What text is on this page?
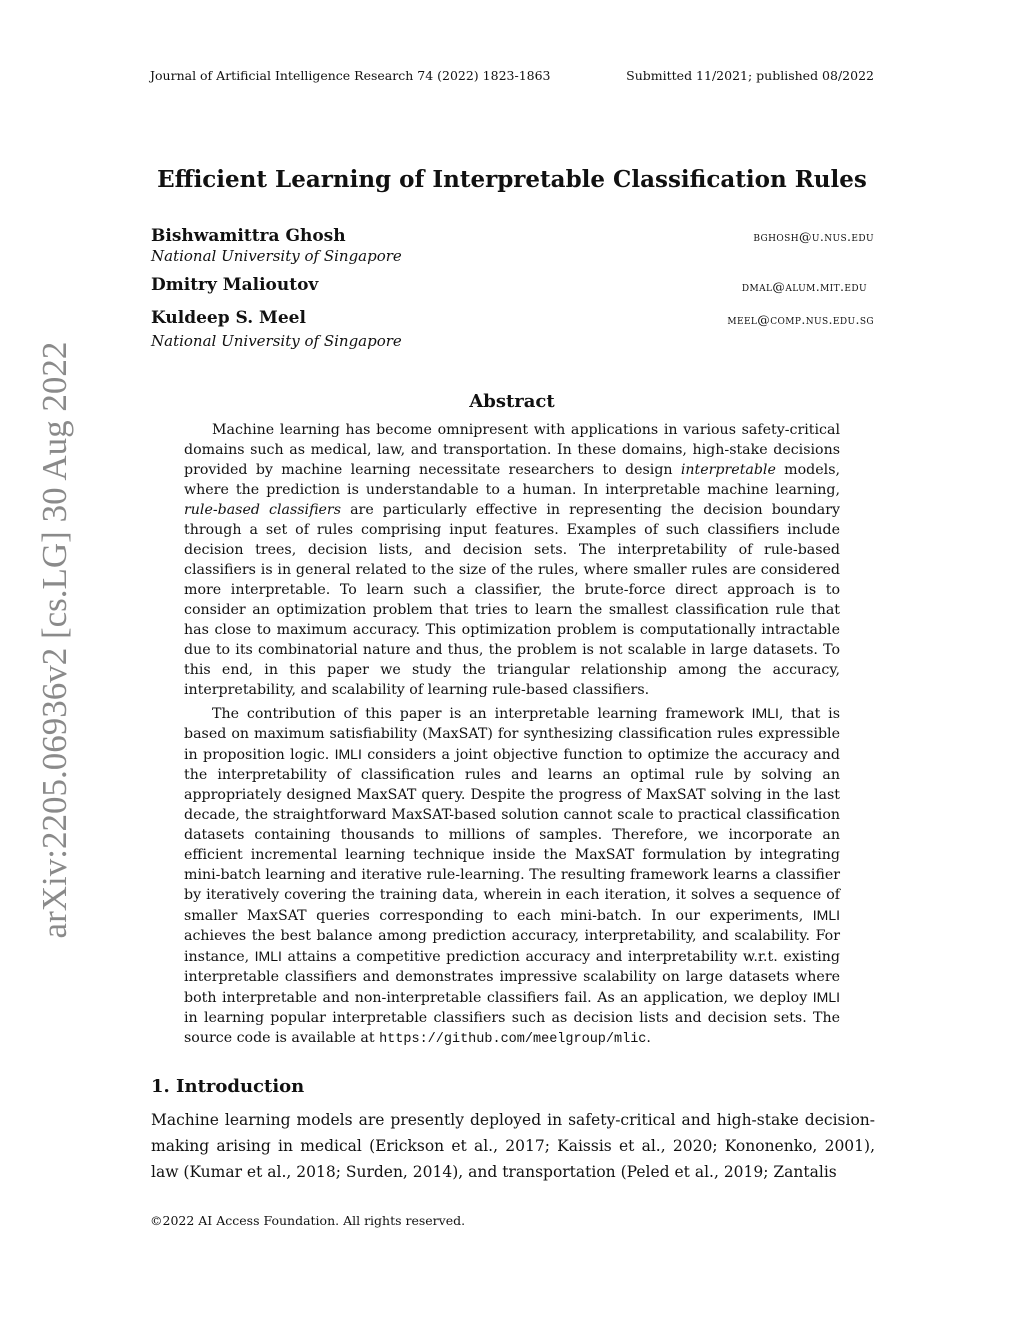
Journal of Artificial Intelligence Research 74 (2022) 1823-1863	Submitted 11/2021; published 08/2022
arXiv:2205.06936v2 [cs.LG] 30 Aug 2022
Efficient Learning of Interpretable Classification Rules
Bishwamittra Ghosh	bghosh@u.nus.edu
National University of Singapore
Dmitry Malioutov	dmal@alum.mit.edu
Kuldeep S. Meel	meel@comp.nus.edu.sg
National University of Singapore
Abstract

Machine learning has become omnipresent with applications in various safety-critical domains such as medical, law, and transportation. In these domains, high-stake decisions provided by machine learning necessitate researchers to design interpretable models, where the prediction is understandable to a human. In interpretable machine learning, rule-based classifiers are particularly effective in representing the decision boundary through a set of rules comprising input features. Examples of such classifiers include decision trees, decision lists, and decision sets. The interpretability of rule-based classifiers is in general related to the size of the rules, where smaller rules are considered more interpretable. To learn such a classifier, the brute-force direct approach is to consider an optimization problem that tries to learn the smallest classification rule that has close to maximum accuracy. This optimization problem is computationally intractable due to its combinatorial nature and thus, the problem is not scalable in large datasets. To this end, in this paper we study the triangular relationship among the accuracy, interpretability, and scalability of learning rule-based classifiers.

The contribution of this paper is an interpretable learning framework IMLI, that is based on maximum satisfiability (MaxSAT) for synthesizing classification rules expressible in proposition logic. IMLI considers a joint objective function to optimize the accuracy and the interpretability of classification rules and learns an optimal rule by solving an appropriately designed MaxSAT query. Despite the progress of MaxSAT solving in the last decade, the straightforward MaxSAT-based solution cannot scale to practical classification datasets containing thousands to millions of samples. Therefore, we incorporate an efficient incremental learning technique inside the MaxSAT formulation by integrating mini-batch learning and iterative rule-learning. The resulting framework learns a classifier by iteratively covering the training data, wherein in each iteration, it solves a sequence of smaller MaxSAT queries corresponding to each mini-batch. In our experiments, IMLI achieves the best balance among prediction accuracy, interpretability, and scalability. For instance, IMLI attains a competitive prediction accuracy and interpretability w.r.t. existing interpretable classifiers and demonstrates impressive scalability on large datasets where both interpretable and non-interpretable classifiers fail. As an application, we deploy IMLI in learning popular interpretable classifiers such as decision lists and decision sets. The source code is available at https://github.com/meelgroup/mlic.

1. Introduction

Machine learning models are presently deployed in safety-critical and high-stake decision-making arising in medical (Erickson et al., 2017; Kaissis et al., 2020; Kononenko, 2001), law (Kumar et al., 2018; Surden, 2014), and transportation (Peled et al., 2019; Zantalis

©2022 AI Access Foundation. All rights reserved.
